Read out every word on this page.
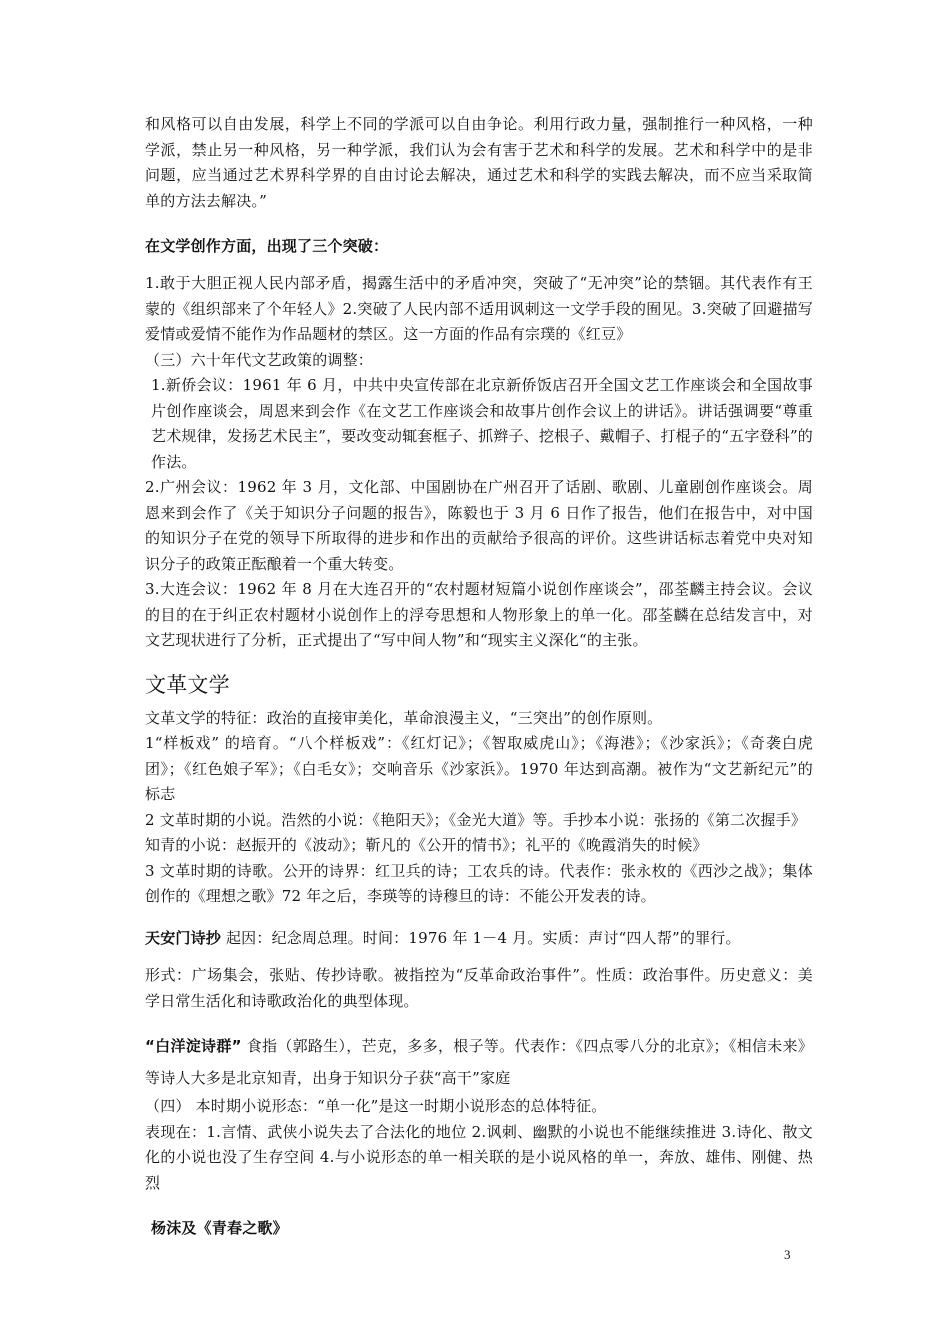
和风格可以自由发展，科学上不同的学派可以自由争论。利用行政力量，强制推行一种风格，一种学派，禁止另一种风格，另一种学派，我们认为会有害于艺术和科学的发展。艺术和科学中的是非问题，应当通过艺术界科学界的自由讨论去解决，通过艺术和科学的实践去解决，而不应当采取简单的方法去解决。”

在文学创作方面，出现了三个突破：

1.敢于大胆正视人民内部矛盾，揭露生活中的矛盾冲突，突破了“无冲突”论的禁锢。其代表作有王蒙的《组织部来了个年轻人》2.突破了人民内部不适用讽刺这一文学手段的囿见。3.突破了回避描写爱情或爱情不能作为作品题材的禁区。这一方面的作品有宗璞的《红豆》

（三）六十年代文艺政策的调整：

1.新侨会议：1961 年 6 月，中共中央宣传部在北京新侨饭店召开全国文艺工作座谈会和全国故事片创作座谈会，周恩来到会作《在文艺工作座谈会和故事片创作会议上的讲话》。讲话强调要“尊重艺术规律，发扬艺术民主”，要改变动辄套框子、抓辫子、挖根子、戴帽子、打棍子的“五字登科”的作法。

2.广州会议：1962 年 3 月，文化部、中国剧协在广州召开了话剧、歌剧、儿童剧创作座谈会。周恩来到会作了《关于知识分子问题的报告》，陈毅也于 3 月 6 日作了报告，他们在报告中，对中国的知识分子在党的领导下所取得的进步和作出的贡献给予很高的评价。这些讲话标志着党中央对知识分子的政策正酝酿着一个重大转变。

3.大连会议：1962 年 8 月在大连召开的“农村题材短篇小说创作座谈会”，邵荃麟主持会议。会议的目的在于纠正农村题材小说创作上的浮夸思想和人物形象上的单一化。邵荃麟在总结发言中，对文艺现状进行了分析，正式提出了“写中间人物”和“现实主义深化“的主张。

文革文学

文革文学的特征：政治的直接审美化，革命浪漫主义，“三突出”的创作原则。

1“样板戏” 的培育。“八个样板戏”：《红灯记》；《智取威虎山》；《海港》；《沙家浜》；《奇袭白虎团》；《红色娘子军》；《白毛女》；交响音乐《沙家浜》。1970 年达到高潮。被作为“文艺新纪元”的标志

2 文革时期的小说。浩然的小说：《艳阳天》；《金光大道》等。手抄本小说：张扬的《第二次握手》

知青的小说：赵振开的《波动》；靳凡的《公开的情书》；礼平的《晚霞消失的时候》

3 文革时期的诗歌。公开的诗界：红卫兵的诗；工农兵的诗。代表作：张永枚的《西沙之战》；集体创作的《理想之歌》72 年之后，李瑛等的诗穆旦的诗：不能公开发表的诗。

天安门诗抄 起因：纪念周总理。时间：1976 年 1－4 月。实质：声讨“四人帮”的罪行。

形式：广场集会，张贴、传抄诗歌。被指控为“反革命政治事件”。性质：政治事件。历史意义：美学日常生活化和诗歌政治化的典型体现。

“白洋淀诗群” 食指（郭路生），芒克，多多，根子等。代表作：《四点零八分的北京》；《相信未来》等诗人大多是北京知青，出身于知识分子获“高干”家庭

（四） 本时期小说形态：“单一化”是这一时期小说形态的总体特征。

表现在：1.言情、武侠小说失去了合法化的地位 2.讽刺、幽默的小说也不能继续推进 3.诗化、散文化的小说也没了生存空间 4.与小说形态的单一相关联的是小说风格的单一，奔放、雄伟、刚健、热烈

杨沫及《青春之歌》

3
